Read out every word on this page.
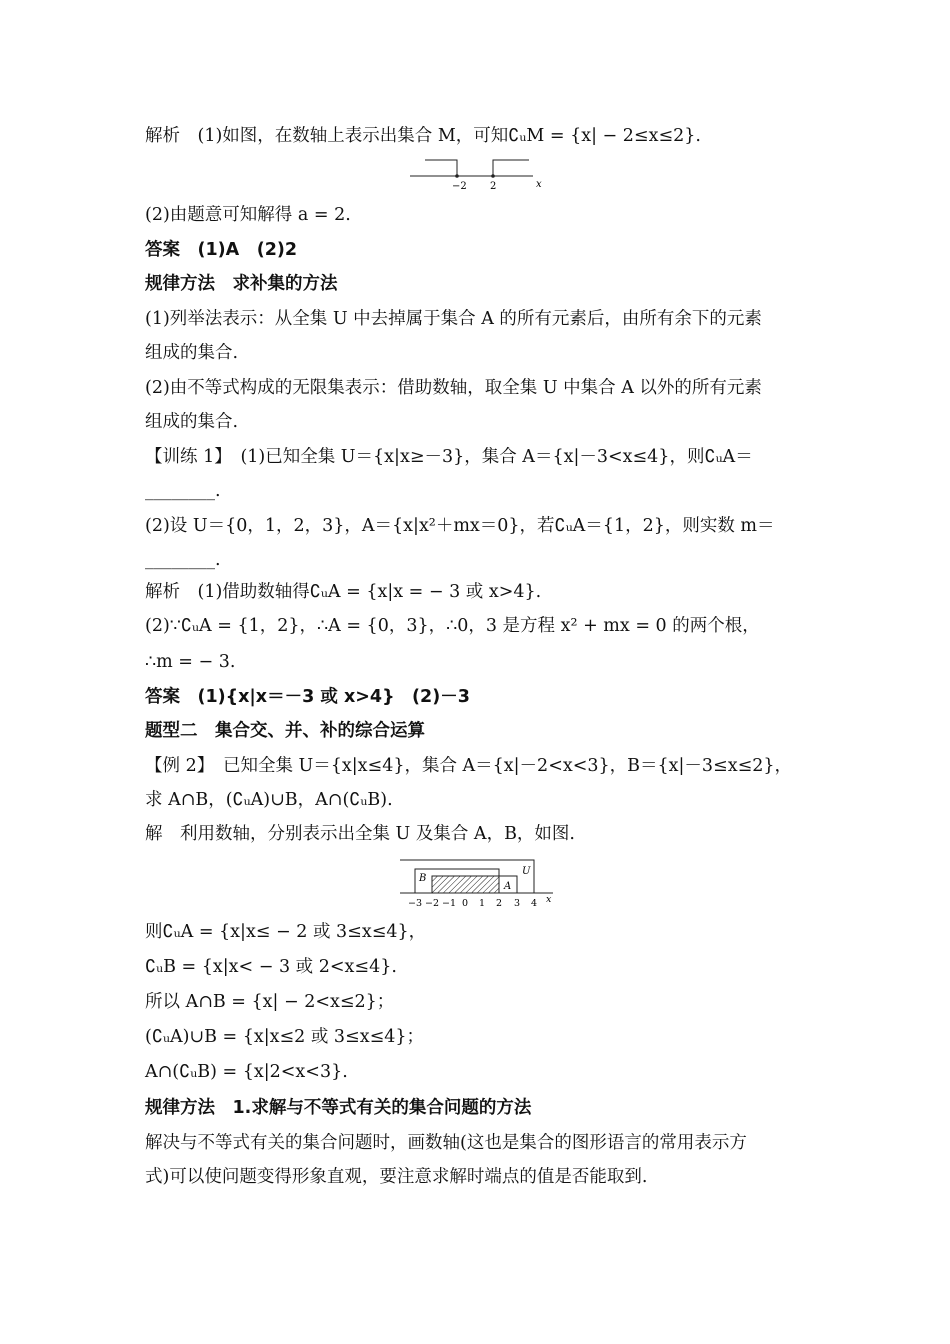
解析　(1)如图，在数轴上表示出集合 M，可知∁ᵤM = {x| − 2≤x≤2}.
−2 2	x
(2)由题意可知解得 a = 2.
答案　(1)A　(2)2
规律方法　求补集的方法
(1)列举法表示：从全集 U 中去掉属于集合 A 的所有元素后，由所有余下的元素
组成的集合.
(2)由不等式构成的无限集表示：借助数轴，取全集 U 中集合 A 以外的所有元素
组成的集合.
【训练 1】　(1)已知全集 U＝{x|x≥－3}，集合 A＝{x|－3<x≤4}，则∁ᵤA＝
________.
(2)设 U＝{0，1，2，3}，A＝{x|x²＋mx＝0}，若∁ᵤA＝{1，2}，则实数 m＝
________.
解析　(1)借助数轴得∁ᵤA = {x|x = − 3 或 x>4}.
(2)∵∁ᵤA = {1，2}，∴A = {0，3}，∴0，3 是方程 x² + mx = 0 的两个根，
∴m = − 3.
答案　(1){x|x＝－3 或 x>4}　(2)－3
题型二　集合交、并、补的综合运算
【例 2】　已知全集 U＝{x|x≤4}，集合 A＝{x|－2<x<3}，B＝{x|－3≤x≤2}，
求 A∩B，(∁ᵤA)∪B，A∩(∁ᵤB).
解　利用数轴，分别表示出全集 U 及集合 A，B，如图.
B
A
U
−3 −2 −1 0 1 2 3 4 x
则∁ᵤA = {x|x≤ − 2 或 3≤x≤4}，
∁ᵤB = {x|x< − 3 或 2<x≤4}.
所以 A∩B = {x| − 2<x≤2}；
(∁ᵤA)∪B = {x|x≤2 或 3≤x≤4}；
A∩(∁ᵤB) = {x|2<x<3}.
规律方法　1.求解与不等式有关的集合问题的方法
解决与不等式有关的集合问题时，画数轴(这也是集合的图形语言的常用表示方
式)可以使问题变得形象直观，要注意求解时端点的值是否能取到.
